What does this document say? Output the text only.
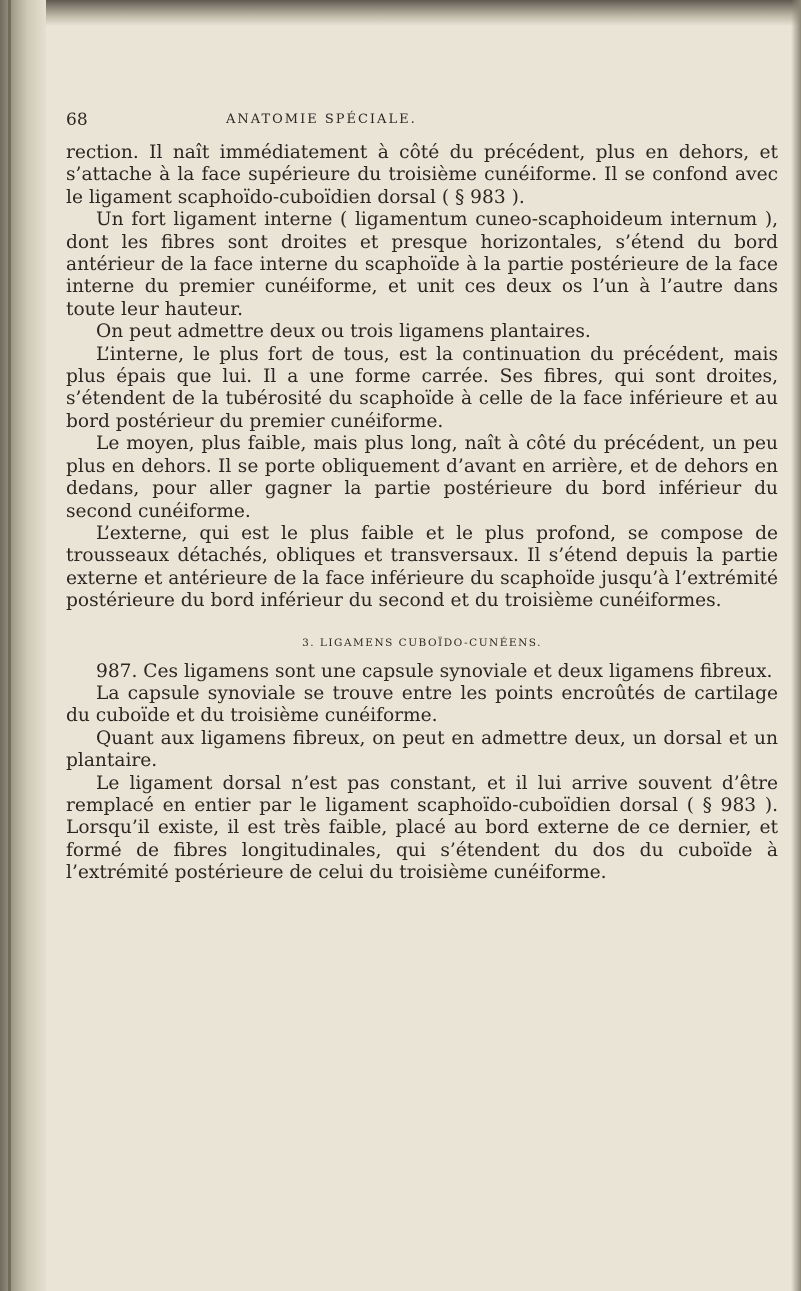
68	ANATOMIE SPÉCIALE.

rection. Il naît immédiatement à côté du précédent, plus en dehors, et s’attache à la face supérieure du troisième cunéiforme. Il se confond avec le ligament scaphoïdo-cuboïdien dorsal ( § 983 ).

Un fort ligament interne ( ligamentum cuneo-scaphoideum internum ), dont les fibres sont droites et presque horizontales, s’étend du bord antérieur de la face interne du scaphoïde à la partie postérieure de la face interne du premier cunéiforme, et unit ces deux os l’un à l’autre dans toute leur hauteur.

On peut admettre deux ou trois ligamens plantaires.

L’interne, le plus fort de tous, est la continuation du précédent, mais plus épais que lui. Il a une forme carrée. Ses fibres, qui sont droites, s’étendent de la tubérosité du scaphoïde à celle de la face inférieure et au bord postérieur du premier cunéiforme.

Le moyen, plus faible, mais plus long, naît à côté du précédent, un peu plus en dehors. Il se porte obliquement d’avant en arrière, et de dehors en dedans, pour aller gagner la partie postérieure du bord inférieur du second cunéiforme.

L’externe, qui est le plus faible et le plus profond, se compose de trousseaux détachés, obliques et transversaux. Il s’étend depuis la partie externe et antérieure de la face inférieure du scaphoïde jusqu’à l’extrémité postérieure du bord inférieur du second et du troisième cunéiformes.

3. LIGAMENS CUBOÏDO-CUNÉENS.

987. Ces ligamens sont une capsule synoviale et deux ligamens fibreux.

La capsule synoviale se trouve entre les points encroûtés de cartilage du cuboïde et du troisième cunéiforme.

Quant aux ligamens fibreux, on peut en admettre deux, un dorsal et un plantaire.

Le ligament dorsal n’est pas constant, et il lui arrive souvent d’être remplacé en entier par le ligament scaphoïdo-cuboïdien dorsal ( § 983 ). Lorsqu’il existe, il est très faible, placé au bord externe de ce dernier, et formé de fibres longitudinales, qui s’étendent du dos du cuboïde à l’extrémité postérieure de celui du troisième cunéiforme.
